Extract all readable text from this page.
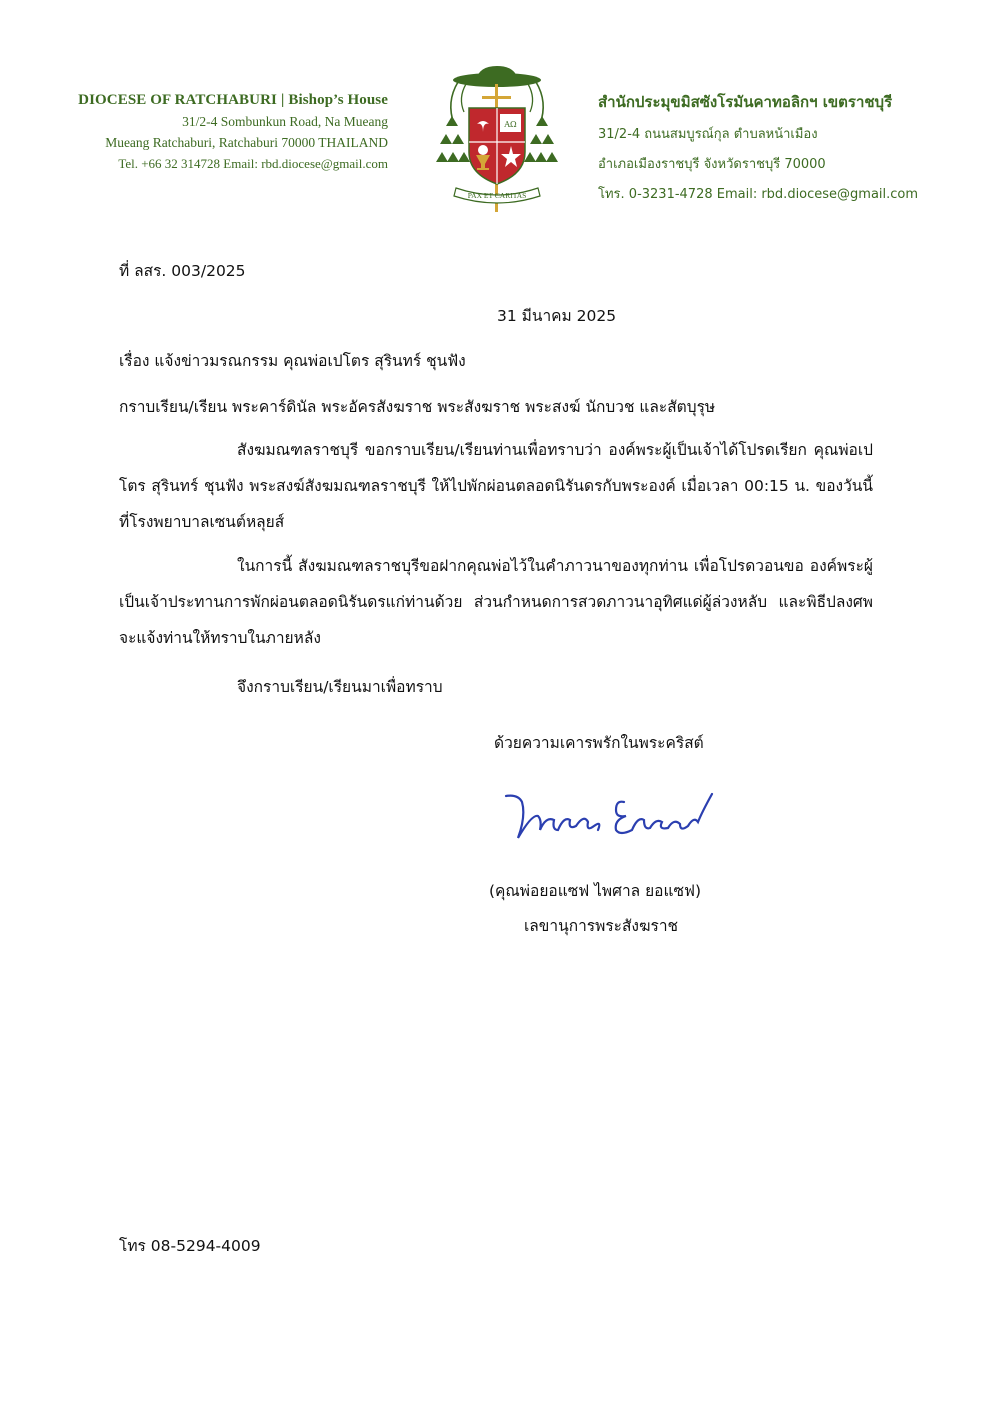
DIOCESE OF RATCHABURI | Bishop’s House
31/2-4 Sombunkun Road, Na Mueang
Mueang Ratchaburi, Ratchaburi 70000 THAILAND
Tel. +66 32 314728 Email: rbd.diocese@gmail.com
AΩ
PAX ET CARITAS
สำนักประมุขมิสซังโรมันคาทอลิกฯ เขตราชบุรี
31/2-4 ถนนสมบูรณ์กุล ตำบลหน้าเมือง
อำเภอเมืองราชบุรี จังหวัดราชบุรี 70000
โทร. 0-3231-4728 Email: rbd.diocese@gmail.com
ที่ ลสร. 003/2025
31 มีนาคม 2025
เรื่อง แจ้งข่าวมรณกรรม คุณพ่อเปโตร สุรินทร์ ชุนฟัง
กราบเรียน/เรียน พระคาร์ดินัล พระอัครสังฆราช พระสังฆราช พระสงฆ์ นักบวช และสัตบุรุษ
สังฆมณฑลราชบุรี ขอกราบเรียน/เรียนท่านเพื่อทราบว่า องค์พระผู้เป็นเจ้าได้โปรดเรียก คุณพ่อเปโตร สุรินทร์ ชุนฟัง พระสงฆ์สังฆมณฑลราชบุรี ให้ไปพักผ่อนตลอดนิรันดรกับพระองค์ เมื่อเวลา 00:15 น. ของวันนี้ ที่โรงพยาบาลเซนต์หลุยส์
ในการนี้ สังฆมณฑลราชบุรีขอฝากคุณพ่อไว้ในคำภาวนาของทุกท่าน เพื่อโปรดวอนขอ องค์พระผู้เป็นเจ้าประทานการพักผ่อนตลอดนิรันดรแก่ท่านด้วย ส่วนกำหนดการสวดภาวนาอุทิศแด่ผู้ล่วงหลับ และพิธีปลงศพ จะแจ้งท่านให้ทราบในภายหลัง
จึงกราบเรียน/เรียนมาเพื่อทราบ
ด้วยความเคารพรักในพระคริสต์
(คุณพ่อยอแซฟ ไพศาล ยอแซฟ)
เลขานุการพระสังฆราช
โทร 08-5294-4009
